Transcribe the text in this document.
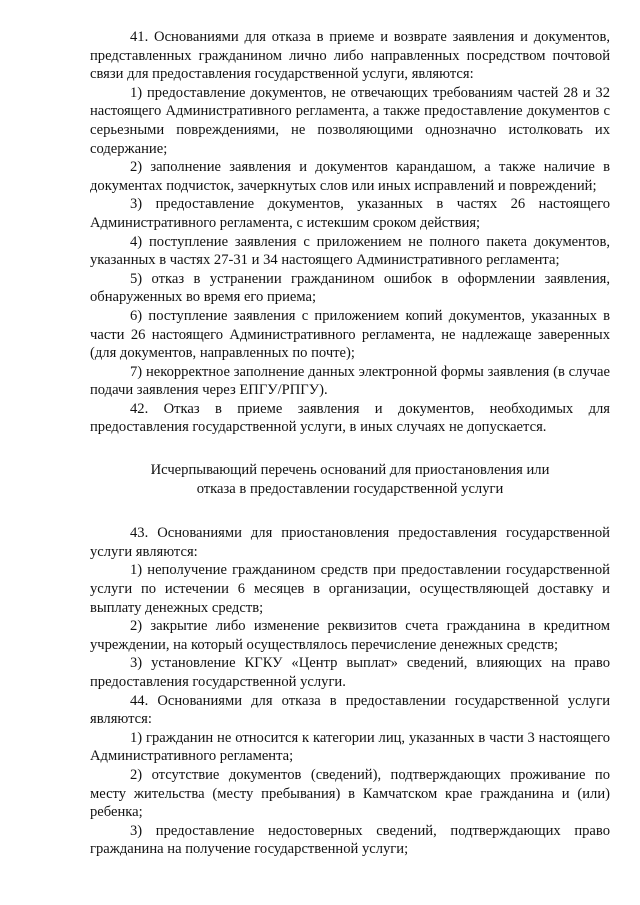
41. Основаниями для отказа в приеме и возврате заявления и документов, представленных гражданином лично либо направленных посредством почтовой связи для предоставления государственной услуги, являются:

1) предоставление документов, не отвечающих требованиям частей 28 и 32 настоящего Административного регламента, а также предоставление документов с серьезными повреждениями, не позволяющими однозначно истолковать их содержание;

2) заполнение заявления и документов карандашом, а также наличие в документах подчисток, зачеркнутых слов или иных исправлений и повреждений;

3) предоставление документов, указанных в частях 26 настоящего Административного регламента, с истекшим сроком действия;

4) поступление заявления с приложением не полного пакета документов, указанных в частях 27-31 и 34 настоящего Административного регламента;

5) отказ в устранении гражданином ошибок в оформлении заявления, обнаруженных во время его приема;

6) поступление заявления с приложением копий документов, указанных в части 26 настоящего Административного регламента, не надлежаще заверенных (для документов, направленных по почте);

7) некорректное заполнение данных электронной формы заявления (в случае подачи заявления через ЕПГУ/РПГУ).

42. Отказ в приеме заявления и документов, необходимых для предоставления государственной услуги, в иных случаях не допускается.

Исчерпывающий перечень оснований для приостановления или
отказа в предоставлении государственной услуги

43. Основаниями для приостановления предоставления государственной услуги являются:

1) неполучение гражданином средств при предоставлении государственной услуги по истечении 6 месяцев в организации, осуществляющей доставку и выплату денежных средств;

2) закрытие либо изменение реквизитов счета гражданина в кредитном учреждении, на который осуществлялось перечисление денежных средств;

3) установление КГКУ «Центр выплат» сведений, влияющих на право предоставления государственной услуги.

44. Основаниями для отказа в предоставлении государственной услуги являются:

1) гражданин не относится к категории лиц, указанных в части 3 настоящего Административного регламента;

2) отсутствие документов (сведений), подтверждающих проживание по месту жительства (месту пребывания) в Камчатском крае гражданина и (или) ребенка;

3) предоставление недостоверных сведений, подтверждающих право гражданина на получение государственной услуги;
